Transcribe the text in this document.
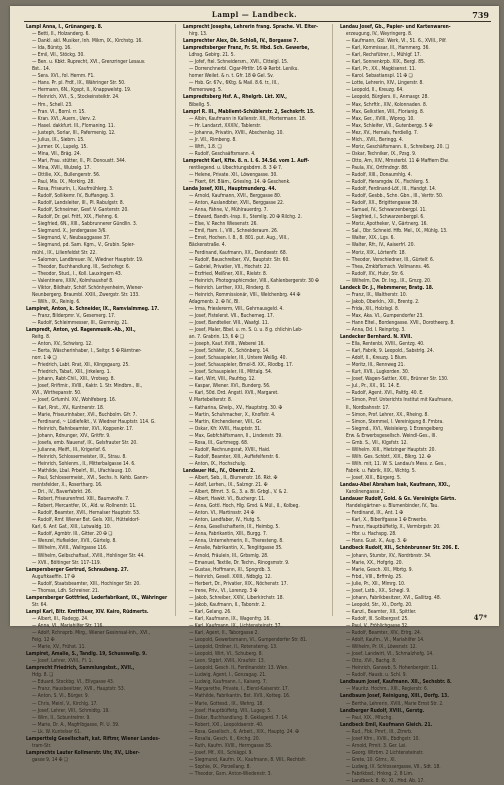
Lampl — Landbeck.	739
Lampl Anna, I., Grünangerg. 8.
— Betti, II., Holzanderg. 6.
— Dankl. akl. Musiker, Inh. Mikm, IX., Kirchstg. 16.
— Ida, Bürstg. 16.
— Emil, VII., Stöckg. 30.
— Ben. u. Kbkt. Ruprecht, XVI., Grenzringer Lesauv.
Bst.. 14.
— Sera. XVI., fol. Hernm. F1.
— Hans. Pr. pl. Frdf., IX., Währinger Str. 50.
— Hermann, 6N., Kgspt, II., Knappwelstg. 19.
— Heinrich, XVI., S., Stockeinsteiktr. 24.
— Hm., Schell. 23.
— Fran. VI., Bornl. rr. 15.
— Kran. XVI., Auern., Uerv. 2.
— Hasel. dakkfurt. III., Flomaning. 11.
— Justeph, Sorlar, III., Pafermenig. 12.
— Julius, IX., Siebrn. 15.
— Jurmer. IX., Lupelg. 15.
— Mina, VII., Bräg. 24.
— Mari, Frau. stütter, II., Pl. Donoustt. 344.
— Mina, XVII., Wulzelg. 17.
— Ottilie, XX., Bullengerstr. 56.
— Paul, Mis. IX., Morkirg. 28.
— Rosa, Friseurin, I., Kaufmühlerg. 3.
— Rudolf, Sollikemr. IV., Buffangeg. 3.
— Rudolf, Landsleiter, III., Pl. Rabulgstr. 8.
— Rudolf, Schneimer, Gesf. V. Ganterstr. 20.
— Rudolf, Dr. gel. Fritf., XIX., Flehmg. 6.
— Siegfried, 6N., XIII., Sabbrunnerer Gündlin. 3.
— Siegmund. X., Jendergasse 3/6.
— Siegmund, V., Neubauggasse 37.
— Siegmund, pd. Sam. Kgm., V., Grubin. Spier-
mühl., IX., Lilienfeldst Str. 22.
— Salomon, Landbreuer. IV., Wiedner Hauptstr. 19.
— Theodor, Buchhandlung. III., Sechofegr. 6.
— Theodor, Stud., I., Koll. Lauxingern 43.
— Valentinere, XXIV., Kolmhaushof 8.
— Viktor, Bildhatr, Schöf. Schönhyenheim, Wiener-
Neunbergerg. Braumbl. XXIII., Zwergstr. Str. 133.
— Wilh., IX., Reinig. 6.
Lampiret, Anton, k. Schneider, IX., Ramvialmmeg. 17.
— Franz, Bilderpmr. V., Gesemerg. 17.
— Rudolf, Schleimmesser, III., Giemmig. 21.
Lampredt, Anton, yd. Ragenmusik.-Ab., XII.,
Reitg. 8.
— Anton, XV., Schwisrg. 12.
— Berta, Wäscherinhaber, I., Seitgr. 5 ✠ Rärntner-
norr. 1 ✠ ❏
— Friedrich, Labt. Rrat, XII., Klingsgaurg. 25.
— Friedrich, Tabaf., XIII., Jirkelerg. 1.
— Johann, Rabt-Chil., XIII., Vrotseg. 8.
— Josef, Rriftmir., XVIII., Kaktr. 1. Str. Mindbm., III.,
XVI., Wirthepanstr. 50.
— Josef, Grfumhl. XV., Wohlfeberg. 16.
— Karl, Rrst., XV., Kuntnerstr. 18.
— Marie, Friseurinhaber, XVI., Buchbolm. Gfr. 7.
— Ferdinand, ~ Lüdiefelkt., V. Wiedner Hauptstr. 114. G.
— Heinrich, Bahnbeamter, XVI., Koppenkr. 17.
— Johann, Rdnunger, XIV., Gritftr. 9.
— Josefa, emb. Nauensf, IX., Gelsfrauter Str. 20.
— Julianne, Meiff., III., Krigerlof. 6.
— Heinrich, Schlossermeister, IX., Strau. 8.
— Heinrich, Sohlenm., II., Mitterbalgasse 14. 6.
— Mathilde, Lbal. Prbelrf., III., Ufachlausg. 10.
— Paul, Schlossermeist., XVI., Sechs. h. Kehb. Ganm-
mentsfelder, X., Rosertharg. 16.
— Dri., IV., Baverfabrkt. 26.
— Robert, Friseurenfmd. XIII., Baumwolfe. 7.
— Robert, Mercantfer, IX., Ald. w. Rollnerstr. 11.
— Rudolf, Beamter, XVII., Hernalser Hauptstr. 53.
— Rudolf, Rmf. Wiener Bst. Gels. XIII., Hütteldorf-
Karl, 6. Anf. Gaf., XIII., Lutwaldg. 10.
— Rudolf, Agmbtr. III., Gitter. 20 ✠ ❏
— Wenzel, Hufkelder, XVII., Gürtelg. 8.
— Wilhelm, XVIII., Wallrgasse 116.
— Wilhelm, Gelbschaftsaf., XVIII., Hohlinger Str. 44.
— XVII., Böltinger Str. 117–119.
Lampersberger Gertrud, Schraubeng. 27.
Auguftkaeffin. 17 ✠
— Rudolf, Staatsbeamter, XIII., Hochinger Str. 20.
— Thomas, Ldh. Schreiner. 21.
Lampersberger Gottfried, Lederfabrikant, IX., Währinger
Str. 64.
Lampl Karl, Bltr. Kmtfthuer, XIV. Kairo, Rüdmerts.
— Albert, III., Radegg. 24.
— Anna, VI., Mariahilfer Str. 116.
— Adolf, Rchnsprb. Mirg., Wiener Gesinnsal-Inh., XVI.,
Feig. 12 ✠
— Marie, XV., Frühst. 11.
Lampiret, Amalie, S., Tandlg. 19, Schusswallg. 9.
— Josef, Lehrer, XVIII., Fl. 1.
Lamprecht Friedrich, Sammlungsbst., XVII.,
Hdg. 8. ❏
— Eduard, Stockbg. VI., Ellvgasse 43.
— Franz, Hausbesitzer, XVII., Hauptstr. 53.
— Anton, S. VI., Bürger. 9.
— Chris, Meinl, V., Kirchlg. 17.
— Josef, Lehrer, VIII., Schmidtg. 19.
— Wim, II., Scbuntrelmr. 9.
— Marie, Dr. A., Magfrlbgasse, Pl. U. 39.
— Lk. W. Kuntelser 61.
Lamperttelg Gesellschaft, kat. Riftmr, Wiener Landes-
tram-Str.
Lamprechts Lauter Kollmerstr. Uhr, XV., Liber-
gasse 9, 14 ✠ ❏
Lamprecht Josepha, Lehrerin frang. Sprache. VI. Elter-
hirg. 13.
Lamprechter Alex, Dk. Schloß, IV., Borgasse 7.
Lampredtsberger Franz, Fr. St. Hbd. Sch. Gewerbe,
Ldhsg. Gebirg. 21. 5.
— Jofef, ftel. Schneidersm., XVII., Cittelgl. 15.
— Dorrenchnerbl. Cigar-Mrtltr. 16 ✠ Rerbt. Leniku.
homer Weilet. & n. t. Gfr. 18 ✠ Gel. Sv.
— Hsb. Gr. 67v., 6Ktg. & Mail. 8.6. tr., III.,
Fiemersweg. 5.
Lampredtsberg Hsf. A., Rhelgrb. Lkt. XIV.,
Bibellg. 5.
Lamprl R. III., Mabliemt-Schüblerstr. 2, Sechskrfr. 15.
— Albin, Kaufmann in Kallenstr. XII., Mortermann. 18.
— Hr. Landarzt, XXXIV., Tablerstr.
— Johanna, Privatin, XVIII., Abschenlsg. 10.
— Jr. VII., Rimbeng. 8.
— Wtfi., 1.8. ❏
— Rudolf, Geschaäftsmann. 4.
Lamprecht Karl, Kfte. 8. n. I. 6. 34.Sd. vom 1. Auff-
rentliegend. u. Ubechtungsbdrm. 8. 3 ✠ 7.
— Helene, Private. XII., Löwengasse. 30.
— Fkert, 6H. Bläm., Grieslng. 14. ✠ Geschenk.
Landa Josef, XIII., Hauptmunderg. 44.
— Arnold, Kaufmann, XVII., Berggasse 80.
— Anton, Auslandbter, XVII., Berggasse 22.
— Anna, Fähne, V., Mühlrauerdrg. 7.
— Edward, Bandh.-Insp. II., Stemlig. 20 ✠ Rilchg. 2.
— Else, V. Rechn Wiesenstr. 26.
— Emil, ftam. I., VIII., Schneideraum. 26.
— Ernst, Hochen. I. 8., 8. 801. put. Aug., VIII.,
Bäckenstraße. 4.
— Ferdinand, Kaufmann, XX., Dendoestr. 68.
— Rudolf, Bauschreiber, XV., Bauptstr. Str. 60.
— Gabriel, Privatier, VII., Hochstr. 22.
— Erzfried, Meißner, XIX., Rielstr. 8.
— Heinrich, Photographicmder, VIII., Kahlenbergerstr. 30 ✠
— Heinrich. Lerther, XXI., Rinderg. 8.
— Heinrich, Rommissionär, VIII., Welchenbrg. 44 ✠
Adagmenb. 2. ✠ IV., Bl.
— Irma, Frieslererm, VIII., Gehrnausgeld. 4.
— Josef, Fistelerst. VII., Bucherneg. 17.
— Josef, Bandtelier. VIII., Waafgl. 11.
— Josef, Maler, Bbel. u. m. S. ü. u. 8 g. chlichin Leb-
an. 7. Grabrin. 13, 6 ✠ ❏
— Joseph, Kauf. XVIII., Weberei 16.
— Josef, Schäfer, IX., Schönberg. 14.
— Josef, Schauspieler, III., Untere Weißg. 40.
— Josef, Schauspieler, Brnol-8. XX., Rlodbg. 17.
— Josef, Schauspieler, III., Mittalg. 54.
— Karl, Wirt, VIII., Paufrbg. 12.
— Kaspar, Wiener. XVI., Bunderg. 56.
— Karl, 50d. Drd. Angstl. XVII., Margaret.
V. Martebelterstr. 8.
— Katharina, Ghelp., XV., Hauptstrg. 30. ✠
— Martin, Schuhmacher, X., Knoflstr. 4.
— Martin, Kirchendiener, VIII., Gr.
— Oskar, Kfr. XVIII., Hauptstr. 31.
— Max, Gebfchäftsmann, II., Lindenstr. 39.
— Rosa, III., Gurtmegg. 68.
— Rudolf, Rechnungsrat, XVIII., Haid.
— Rudolf, Beamter, XIII., Auffefelferstr. 6.
— Anton, IX., Hochschulg.
Landauer Hd., IV., Oberstr. 2.
— Albert, Seb., II., Blumenstr. 16. Rkt. ✠
— Adolf, Lerhen., IX., Salzngr. 21. ✠
— Albert, Bfmrt. 3. G., 3. a. Bl. Grbgl., V. & 2.
— Albert, Hawkt. VI., Buchergr. 11.
— Anna, Gottl. Hoch, Hlg. Gmd. & Mül., II., Kolbeg.
— Anton. VI., Martinsstr. 24 ✠
— Anton, Landfaber, IV., Hutg. 5.
— Anna, Gesellschafterin, IX., Heimbg. 5.
— Anna, Fabrikantin, XIII., Burgg. 7.
— Anna, Unternehmerin, II., Theresteng. 8.
— Amalie, Fabrikantin, X., Tenglitgasse 35.
— Arnold, Fräulein, III., Grbsmlg. 28.
— Emanuel, Textile, Dr. Techn., Rinogsmstr. 9.
— Gustav, Hoffmann, Xl., Spngrdb. 3.
— Heinrich, Gesell. XXIII., Ndbglg. 12.
— Herbert, Dr., Privatier, XIX., Nöchenstr. 17.
— Irene, Priv., VI., Lorenzg. 3 ✠
— Jakob, Schreiber, XXIV., Liberkirchstr. 18.
— Jakob, Kaufmann, II., Taborstr. 2.
— Karl, Gelang. 26.
— Karl, Kaufmann, IX., Wagenfrg. 16.
— Karl, Kaufmann, IX., Lichtensteinstr. 37.
— Karl, Agent, II., Taborgasse 2.
— Leopold, Gewerbsmann, VI., Gumpendorfer Str. 81.
— Leopold, Ordiner, II., Rotensterng. 13.
— Leopold, Wirt, VI., Schuberg. 8.
— Leon, Stgbrl, XVIII., Kraufstr. 13.
— Leopold, Gesch. II., Ferdinandstr. 13. Wien.
— Ludwig, Agent, I., Gonzagag. 21.
— Ludwig, Kaufmann, I., Kaiserg. 7.
— Margarethe, Private, I., Elend-Kaiserstr. 17.
— Mathilde, Fabrikantin, Bst. XVII., Kotteg. 16.
— Marie, Gottesd., IX., Wehrg. 18.
— Josef, Hauptbüffetg, VIII., Lugeg. 5.
— Oskar, Buchhandlung. 8. Geklagerd. 7. 14.
— Robert, XXI., Leopoldaerstr. 40.
— Rosa, Gesellsch., 6. Arbeit., XIX., Hauptg. 24. ✠
— Rosalia, Gesch. II., Kirchg. 20.
— Ruth, Kaufm. XVIII., Herrngasse 35.
— Josef, Mf., XII., Schlägpl. 9.
— Siegmund, Kaufm. IX., Kaufmann, 8. VIII., Rechtsfr.
— Sophie, IX., Porzellang. 8.
— Theodor, Gsm. Anton-Wiedenstr. 3.
Landau Josef, Gb., Papier- und Kartenwaren-
erzeugung, IV., Weyringerg. 8.
— Kaufmann, Gbl. Werk, VI., 51. 6., XVIII., Pilf.
— Karl, Kommissar, III., Hammerg. 36.
— Karl, Rechsfütrer, I., Mühlgf. 17.
— Karl, Sonnenkrpb. XIX., Bergl. 85.
— Karl, Pr., XX., Magkisenst. 11.
— Karol. Sebastianspl. 11 ✠ ❏
— Lotte, Lehrerin, XIV., Lingerstr. 8.
— Leopold, II., Kreuzg. 64.
— Leopold, Bürglers. II., Anmasgr. 28.
— Max, Schrftlr., XIV., Kolonnaden. 8.
— Max, Gelkstlen, VIII., Florianig. 8.
— Max, Ger., XVIII., Wiprog. 10.
— Max, Schleifer, VII., Gutenbergg. 5 ✠
— Mez, XV., Hernals, Ferdiellg. 7.
— Mich., XVII., Beringg. 4.
— Moriz, Geschäftsmann. II., Schreiberg. 20. ❏
— Oskar, Techniker, IX., Pzsg. 9.
— Otto, Arn, XIV., Mmsterbl. 11 ✠ Maffiern Elw.
— Paula, XV., Ortfmdngr. 88.
— Rudolf, XIII., Donaumhlg. 4.
— Rudolf, Heramgdw. IX., Fischlerg. 5.
— Rudolf, Ferdinand-Löf., III., Handgt. 14.
— Rudolf, Gesbb., Schn. Gbn., III., Verttr. 50.
— Rudolf, XX., Brigittengasse 38.
— Samuel, IV., Schwarzenbergpl. 11.
— Siegfried, I., Schwarzenbergpl. 6.
— Moriz, Apotheker, V., Gärtnerg. 16.
— Sal., Obr. Schneid. Hfb. Mel., IX., Mühlg. 13.
— Walter, XIX., Lgs. 6.
— Walter, Rfr., IV., Aaiserfrl. 20.
— Moriz, XIX., Lörtenflr. 18.
— Theodor, Verschiedner, III., Gürtelf. 6.
— Thea, Zmkbflxmsch. Vollmanns. 46.
— Rudolf, XV., Hubr, Str. 6.
— Wilhelm, Dw. Dr. Ing., IX., Gmzg. 20.
Landeck Dr. J., Hebmmerer, Bratg. 18.
— Franz, IX., Waltherstr. 10.
— Jakob, Oberkln., XII., Brentg. 2.
— Frida, XII., Holzlsgl. 8.
— Max, Aka. VI., Gumpendorfer 23.
— Hann Eltel., Bordengasse. XVII., Dorotheerg. 8.
— Anna, Dd. I. Reinprbg. 3.
Landecker Bernhard. N. XVII.
— Ella, Rentenbi, XVIII., Gentzg. 40.
— Karl, Fabrik, 9. Leopold., Sabstrlg. 24.
— Adolf, II., Kreuzg. 1 Blum.
— Moritz, III., Rennweg 21.
— Kurt, XVII., Lugkorden. 30.
— Josef, Wagen-Sattler, XXI., Brünner Str. 130.
— Jul., Pr., XX., 91. 14. E.
— Rudolf, Agent. XVI., Paltfg. 40. E.
— Simon, Prof. Unterichts Institut mit Kaufmann,
II., Nordbahnstr. 17.
— Simon, Prof. Lehrer, XX., Rheing. 8.
— Simon, Stemmel, I. Vereinigung 8. Fmbra.
— Siegmd., XVI., Weisleierg. 1 Erzengelberg
Erw. & Erwerbsgesellsch. Weindl-Ges., III.
— Gmb. S., VII., Klgsfstr. 12.
— Wilhelm. XIII., Hietzinger Hauptstr. 20.
— Wilh. Ges. Schbtf., XIX., Blkrg. 12. ✠
— Wilh. mit, 11. W. S. Landau's Mess. z. Ges.,
Fabrik. u. Fabrik, XIX., Wchtg. 5.
— Josef, XIX., Bürgerg. 5.
Landau-Abel Abraham Isak, Kaufmann, XXI.,
Karolinengasse 2.
Landauer Rudolf, Gold. & Gs. Vereinigte Gärtn.
Handelsgärtner- u. Blumenbinder, IV., Tau.
— Ferdinand, IX., Ant. 1 ✠
— Karl, X., Biberlfgasse 1 ✠ Erwerbs.
— Franz, Hauptbüffetlg, X., Vermbrgstr. 20.
— Hbr. u. Hachspg. 28.
— Hans. Gust. X., Aug. 3. ✠
Landbeck Rudolf, XII., Schönbrunner Str. 206. E.
— Johann, Stumbr, XV., Nordrbnstr. 34.
— Marie, XX., Hofgrlg. 20.
— Marie, Gesch. XII., Mbrtg. 9.
— Frbd., VIII., Brffmlg. 25.
— Julie, Pr., XII., Mlmrg. 10.
— Josef, Lstb., XX., Schegl. 9.
— Johann, Fabrikbesitzer, XVI., Gallitzg. 48.
— Leopold, Str., XI., Dorfg. 20.
— Kanzl., Beamter, XII., Spittler.
— Rudolf, III. Sollbergssf. 25.
— Paul, V., Fröhlichgasse 32.
— Rudolf, Beamter, XIV., Erlrg. 24.
— Adolf, Kaufm., VI., Mariahilfer 14.
— Wilhelm, Pr. IX., Löwenstr. 12.
— Josef, Landwirt, VI., Schmalzhofg. 14.
— Otto, XVI., Bachg. 8.
— Heinrich, Ganswb, 5. Hohenbergstr. 11.
— Rudolf, Hausb. u. Schl. 9.
Landbaum Josef, Kaufmann. XII., Sechsbtr. 8.
— Mauritz. Hochm., XIII., Regierstr. 6.
Landbaum Josef, Reinigung, XIII., Dorfg. 13.
— Bertha, Lehrerin, XVIII., Marie Ernst Str. 2.
Landberger Rudolf, XVIII., Gerstg.
— Paul, XIX., Mfuchg.
Landbeck Emil, Kaufmann Gleich. 21.
— Rud., Fbk. Pmrf., III., Ztmrb.
— Josef Kfm., XVIII., Ebdhgstr. 10.
— Arnold, Prmit. 3. Ger. Lei.
— Georg. Wtrbm. 2 Lichtensteinstr.
— Grete, 10. Gtmr., XI.
— Ludwig, IX. Schlossergasse, VII., Sdt. 18.
— Fabrikbsd.; Hnkng. 2, 8 Lim.
— Landbeck. 8. Kr, XI., Hnd. Ab. 17.
47*
